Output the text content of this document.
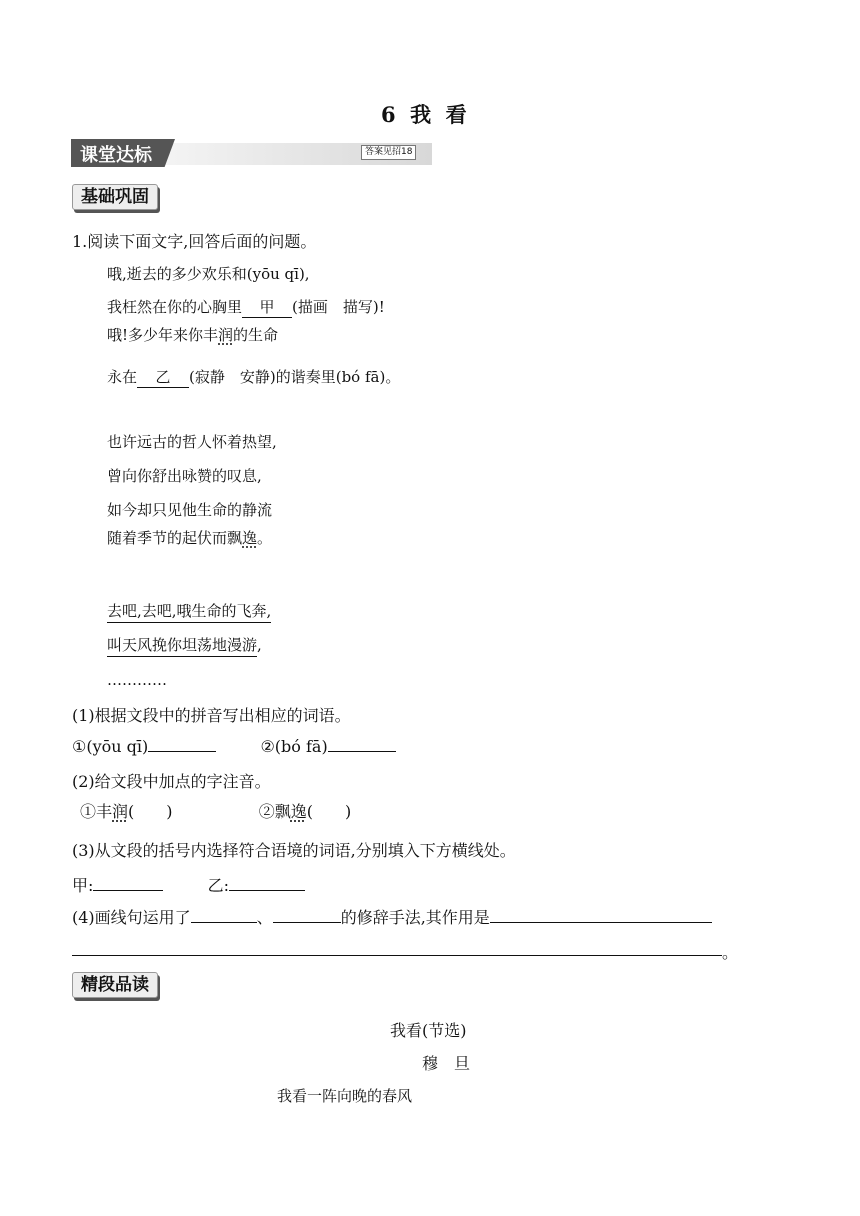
6 我 看
课堂达标	答案见招18
基础巩固
1.阅读下面文字,回答后面的问题。
哦,逝去的多少欢乐和(yōu qī),
我枉然在你的心胸里 甲 (描画　描写)!
哦!多少年来你丰润的生命
永在 乙 (寂静　安静)的谐奏里(bó fā)。
也许远古的哲人怀着热望,
曾向你舒出咏赞的叹息,
如今却只见他生命的静流
随着季节的起伏而飘逸。
去吧,去吧,哦生命的飞奔,
叫天风挽你坦荡地漫游,
…………
(1)根据文段中的拼音写出相应的词语。
①(yōu qī)	②(bó fā)
(2)给文段中加点的字注音。
①丰润(　　)	②飘逸(　　)
(3)从文段的括号内选择符合语境的词语,分别填入下方横线处。
甲:	乙:
(4)画线句运用了	、	的修辞手法,其作用是
。
精段品读
我看(节选)
穆　旦
我看一阵向晚的春风
